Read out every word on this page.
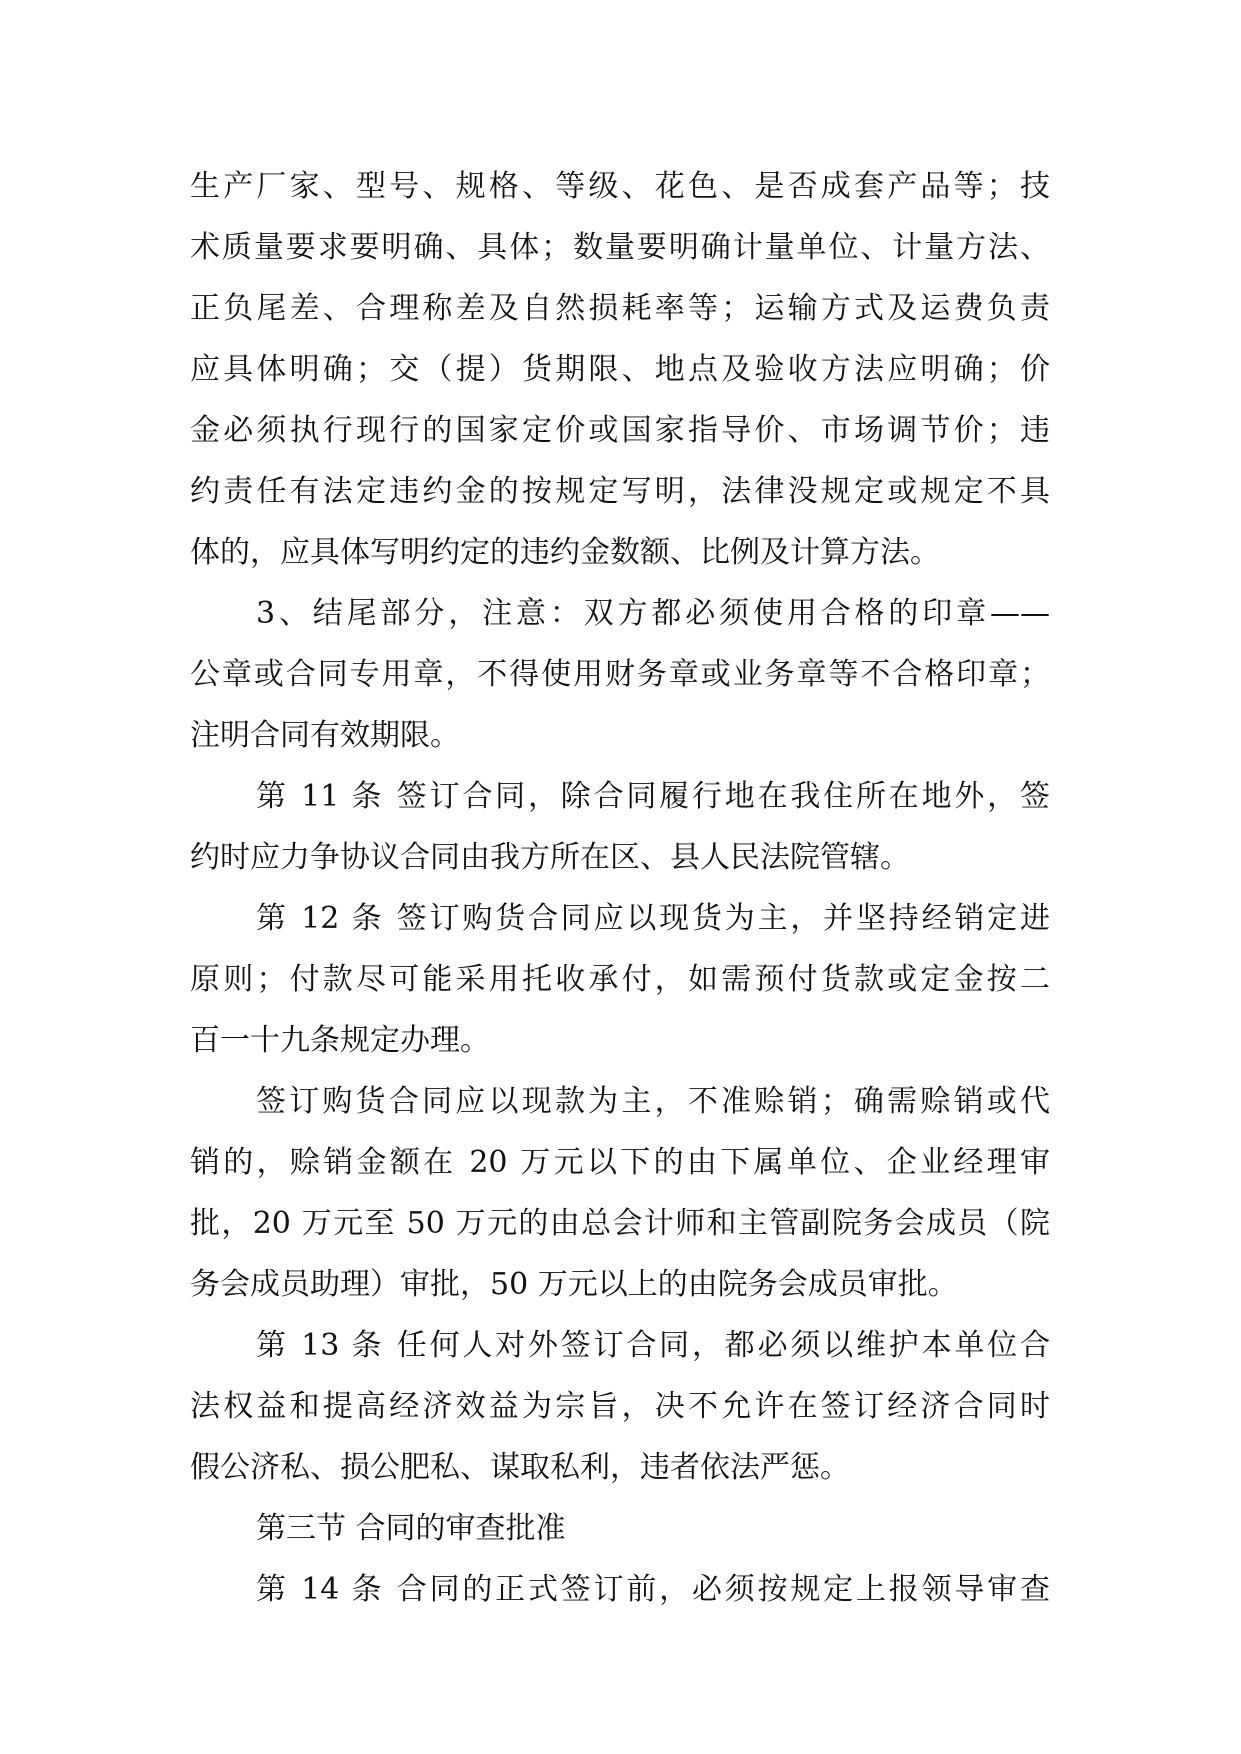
生产厂家、型号、规格、等级、花色、是否成套产品等；技
术质量要求要明确、具体；数量要明确计量单位、计量方法、
正负尾差、合理称差及自然损耗率等；运输方式及运费负责
应具体明确；交（提）货期限、地点及验收方法应明确；价
金必须执行现行的国家定价或国家指导价、市场调节价；违
约责任有法定违约金的按规定写明，法律没规定或规定不具
体的，应具体写明约定的违约金数额、比例及计算方法。
3、结尾部分，注意：双方都必须使用合格的印章——
公章或合同专用章，不得使用财务章或业务章等不合格印章；
注明合同有效期限。
第 11 条 签订合同，除合同履行地在我住所在地外，签
约时应力争协议合同由我方所在区、县人民法院管辖。
第 12 条 签订购货合同应以现货为主，并坚持经销定进
原则；付款尽可能采用托收承付，如需预付货款或定金按二
百一十九条规定办理。
签订购货合同应以现款为主，不准赊销；确需赊销或代
销的，赊销金额在 20 万元以下的由下属单位、企业经理审
批，20 万元至 50 万元的由总会计师和主管副院务会成员（院
务会成员助理）审批，50 万元以上的由院务会成员审批。
第 13 条 任何人对外签订合同，都必须以维护本单位合
法权益和提高经济效益为宗旨，决不允许在签订经济合同时
假公济私、损公肥私、谋取私利，违者依法严惩。
第三节 合同的审查批准
第 14 条 合同的正式签订前，必须按规定上报领导审查
